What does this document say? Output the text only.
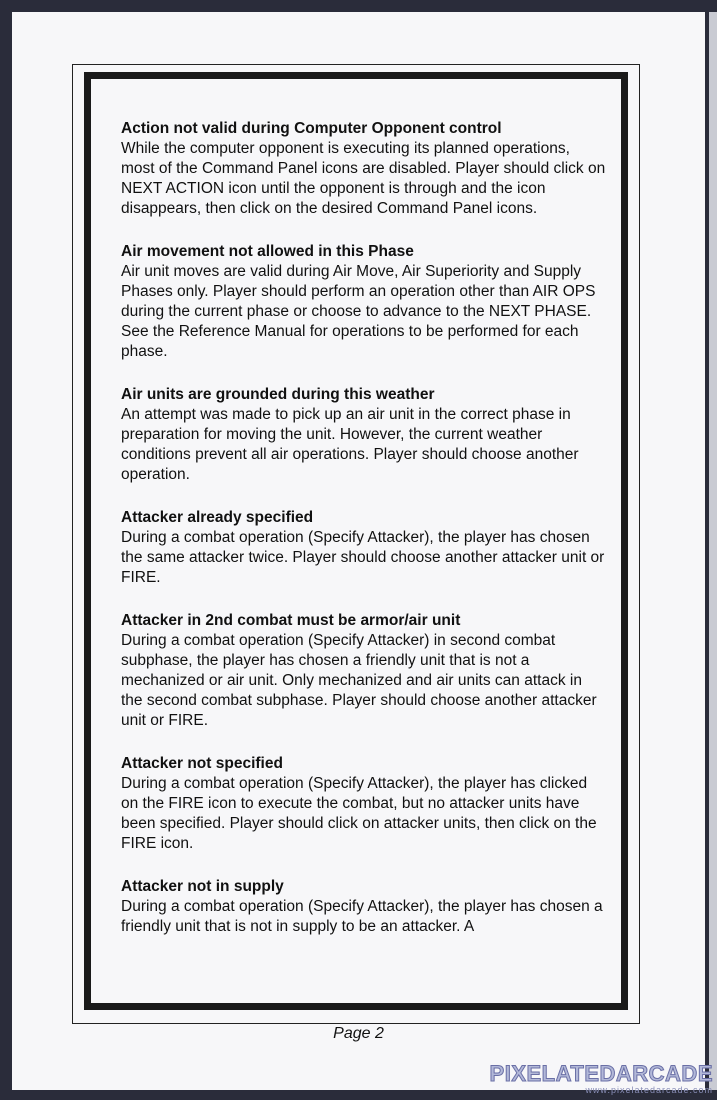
Action not valid during Computer Opponent control
While the computer opponent is executing its planned operations, most of the Command Panel icons are disabled. Player should click on NEXT ACTION icon until the opponent is through and the icon disappears, then click on the desired Command Panel icons.
Air movement not allowed in this Phase
Air unit moves are valid during Air Move, Air Superiority and Supply Phases only. Player should perform an operation other than AIR OPS during the current phase or choose to advance to the NEXT PHASE. See the Reference Manual for operations to be performed for each phase.
Air units are grounded during this weather
An attempt was made to pick up an air unit in the correct phase in preparation for moving the unit. However, the current weather conditions prevent all air operations. Player should choose another operation.
Attacker already specified
During a combat operation (Specify Attacker), the player has chosen the same attacker twice. Player should choose another attacker unit or FIRE.
Attacker in 2nd combat must be armor/air unit
During a combat operation (Specify Attacker) in second combat subphase, the player has chosen a friendly unit that is not a mechanized or air unit. Only mechanized and air units can attack in the second combat subphase. Player should choose another attacker unit or FIRE.
Attacker not specified
During a combat operation (Specify Attacker), the player has clicked on the FIRE icon to execute the combat, but no attacker units have been specified. Player should click on attacker units, then click on the FIRE icon.
Attacker not in supply
During a combat operation (Specify Attacker), the player has chosen a friendly unit that is not in supply to be an attacker. A
Page 2
PIXELATEDARCADE
www.pixelatedarcade.com
